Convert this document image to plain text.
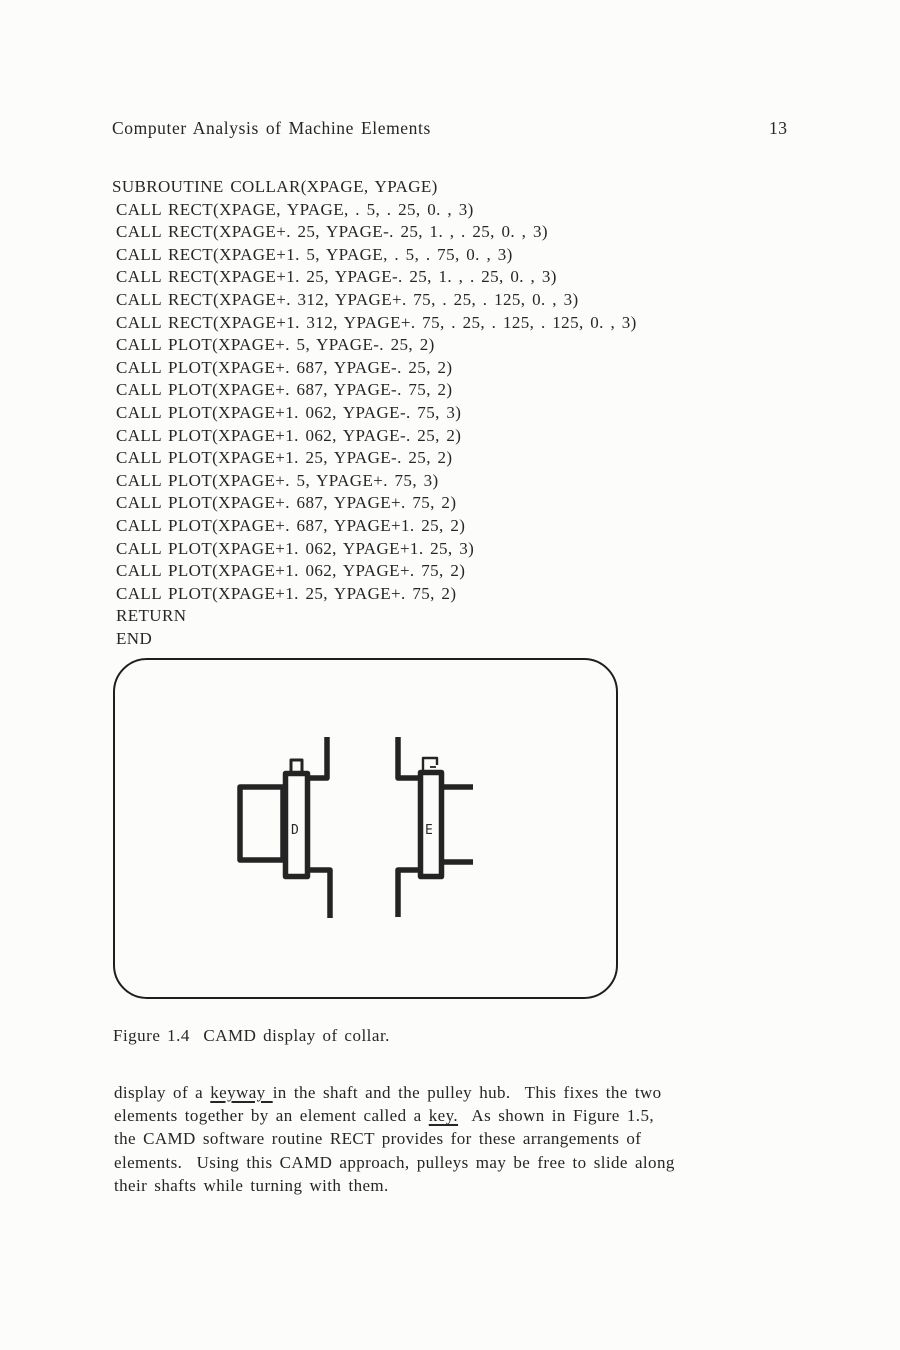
Computer Analysis of Machine Elements	13
SUBROUTINE COLLAR(XPAGE, YPAGE)
CALL RECT(XPAGE, YPAGE, . 5, . 25, 0. , 3)
CALL RECT(XPAGE+. 25, YPAGE-. 25, 1. , . 25, 0. , 3)
CALL RECT(XPAGE+1. 5, YPAGE, . 5, . 75, 0. , 3)
CALL RECT(XPAGE+1. 25, YPAGE-. 25, 1. , . 25, 0. , 3)
CALL RECT(XPAGE+. 312, YPAGE+. 75, . 25, . 125, 0. , 3)
CALL RECT(XPAGE+1. 312, YPAGE+. 75, . 25, . 125, . 125, 0. , 3)
CALL PLOT(XPAGE+. 5, YPAGE-. 25, 2)
CALL PLOT(XPAGE+. 687, YPAGE-. 25, 2)
CALL PLOT(XPAGE+. 687, YPAGE-. 75, 2)
CALL PLOT(XPAGE+1. 062, YPAGE-. 75, 3)
CALL PLOT(XPAGE+1. 062, YPAGE-. 25, 2)
CALL PLOT(XPAGE+1. 25, YPAGE-. 25, 2)
CALL PLOT(XPAGE+. 5, YPAGE+. 75, 3)
CALL PLOT(XPAGE+. 687, YPAGE+. 75, 2)
CALL PLOT(XPAGE+. 687, YPAGE+1. 25, 2)
CALL PLOT(XPAGE+1. 062, YPAGE+1. 25, 3)
CALL PLOT(XPAGE+1. 062, YPAGE+. 75, 2)
CALL PLOT(XPAGE+1. 25, YPAGE+. 75, 2)
RETURN
END
D	E
Figure 1.4  CAMD display of collar.
display of a keyway in the shaft and the pulley hub.  This fixes the two
elements together by an element called a key.  As shown in Figure 1.5,
the CAMD software routine RECT provides for these arrangements of
elements.  Using this CAMD approach, pulleys may be free to slide along
their shafts while turning with them.
